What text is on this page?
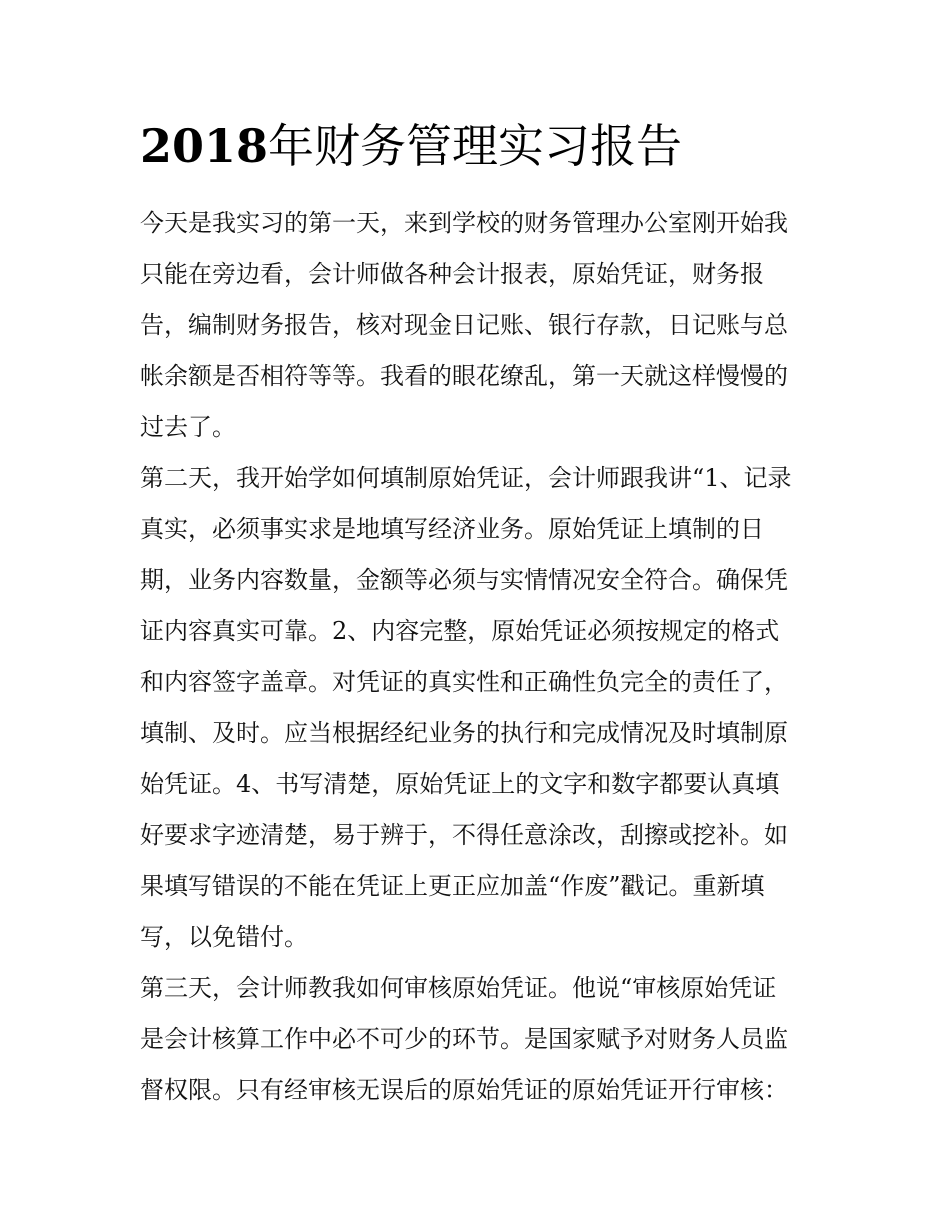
2018年财务管理实习报告
今天是我实习的第一天，来到学校的财务管理办公室刚开始我
只能在旁边看，会计师做各种会计报表，原始凭证，财务报
告，编制财务报告，核对现金日记账、银行存款，日记账与总
帐余额是否相符等等。我看的眼花缭乱，第一天就这样慢慢的
过去了。
第二天，我开始学如何填制原始凭证，会计师跟我讲“1、记录
真实，必须事实求是地填写经济业务。原始凭证上填制的日
期，业务内容数量，金额等必须与实情情况安全符合。确保凭
证内容真实可靠。2、内容完整，原始凭证必须按规定的格式
和内容签字盖章。对凭证的真实性和正确性负完全的责任了，
填制、及时。应当根据经纪业务的执行和完成情况及时填制原
始凭证。4、书写清楚，原始凭证上的文字和数字都要认真填
好要求字迹清楚，易于辨于，不得任意涂改，刮擦或挖补。如
果填写错误的不能在凭证上更正应加盖“作废”戳记。重新填
写，以免错付。
第三天，会计师教我如何审核原始凭证。他说“审核原始凭证
是会计核算工作中必不可少的环节。是国家赋予对财务人员监
督权限。只有经审核无误后的原始凭证的原始凭证开行审核：
